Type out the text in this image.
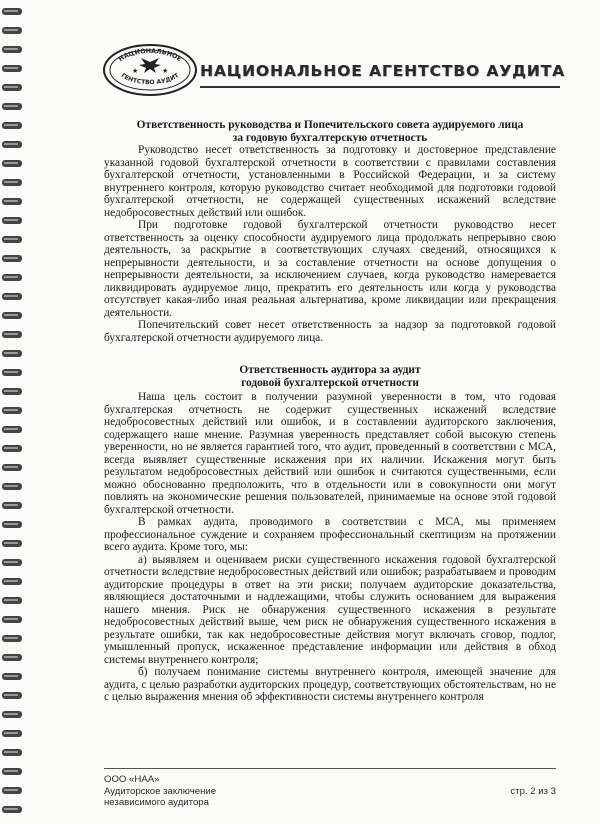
НАЦИОНАЛЬНОЕ
ГЕНТСТВО АУДИТ
★	★ НАЦИОНАЛЬНОЕ АГЕНТСТВО АУДИТА

Ответственность руководства и Попечительского совета аудируемого лица
за годовую бухгалтерскую отчетность

Руководство несет ответственность за подготовку и достоверное представление указанной годовой бухгалтерской отчетности в соответствии с правилами составления бухгалтерской отчетности, установленными в Российской Федерации, и за систему внутреннего контроля, которую руководство считает необходимой для подготовки годовой бухгалтерской отчетности, не содержащей существенных искажений вследствие недобросовестных действий или ошибок.

При подготовке годовой бухгалтерской отчетности руководство несет ответственность за оценку способности аудируемого лица продолжать непрерывно свою деятельность, за раскрытие в соответствующих случаях сведений, относящихся к непрерывности деятельности, и за составление отчетности на основе допущения о непрерывности деятельности, за исключением случаев, когда руководство намеревается ликвидировать аудируемое лицо, прекратить его деятельность или когда у руководства отсутствует какая-либо иная реальная альтернатива, кроме ликвидации или прекращения деятельности.

Попечительский совет несет ответственность за надзор за подготовкой годовой бухгалтерской отчетности аудируемого лица.

Ответственность аудитора за аудит
годовой бухгалтерской отчетности

Наша цель состоит в получении разумной уверенности в том, что годовая бухгалтерская отчетность не содержит существенных искажений вследствие недобросовестных действий или ошибок, и в составлении аудиторского заключения, содержащего наше мнение. Разумная уверенность представляет собой высокую степень уверенности, но не является гарантией того, что аудит, проведенный в соответствии с МСА, всегда выявляет существенные искажения при их наличии. Искажения могут быть результатом недобросовестных действий или ошибок и считаются существенными, если можно обоснованно предположить, что в отдельности или в совокупности они могут повлиять на экономические решения пользователей, принимаемые на основе этой годовой бухгалтерской отчетности.

В рамках аудита, проводимого в соответствии с МСА, мы применяем профессиональное суждение и сохраняем профессиональный скептицизм на протяжении всего аудита. Кроме того, мы:

а) выявляем и оцениваем риски существенного искажения годовой бухгалтерской отчетности вследствие недобросовестных действий или ошибок; разрабатываем и проводим аудиторские процедуры в ответ на эти риски; получаем аудиторские доказательства, являющиеся достаточными и надлежащими, чтобы служить основанием для выражения нашего мнения. Риск не обнаружения существенного искажения в результате недобросовестных действий выше, чем риск не обнаружения существенного искажения в результате ошибки, так как недобросовестные действия могут включать сговор, подлог, умышленный пропуск, искаженное представление информации или действия в обход системы внутреннего контроля;

б) получаем понимание системы внутреннего контроля, имеющей значение для аудита, с целью разработки аудиторских процедур, соответствующих обстоятельствам, но не с целью выражения мнения об эффективности системы внутреннего контроля

ООО «НАА»
Аудиторское заключение
независимого аудитора
стр. 2 из 3
